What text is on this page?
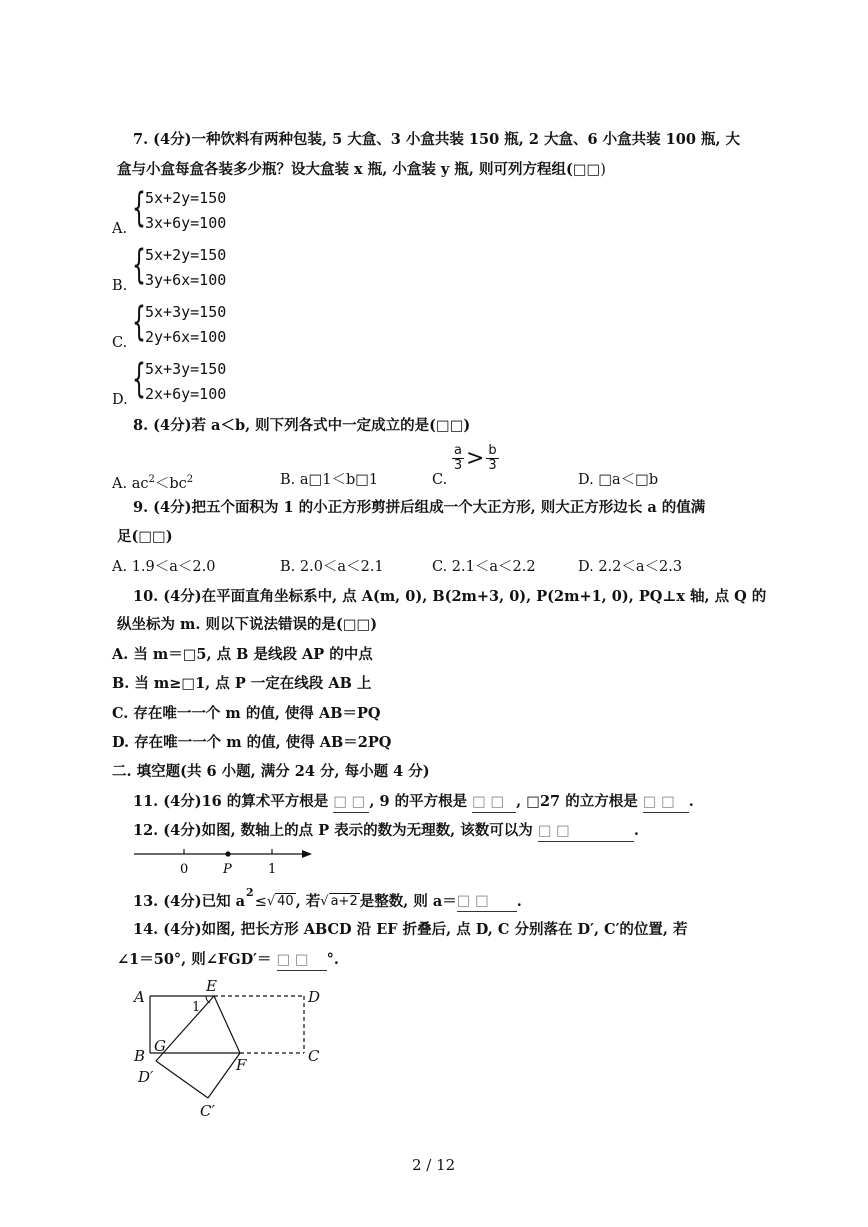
7. (4分)一种饮料有两种包装, 5 大盒、3 小盒共装 150 瓶, 2 大盒、6 小盒共装 100 瓶, 大
盒与小盒每盒各装多少瓶？设大盒装 x 瓶, 小盒装 y 瓶, 则可列方程组(□□)
A. { 5x+2y=150
3x+6y=100
B. { 5x+2y=150
3y+6x=100
C. { 5x+3y=150
2y+6x=100
D. { 5x+3y=150
2x+6y=100
8. (4分)若 a＜b, 则下列各式中一定成立的是(□□)
A. $ac^2<bc^2$	B. a□1＜b□1	C.
$\frac{a}{3} > \frac{b}{3}$
D. □a＜□b
9. (4分)把五个面积为 1 的小正方形剪拼后组成一个大正方形, 则大正方形边长 a 的值满
足(□□)
A. 1.9＜a＜2.0	B. 2.0＜a＜2.1	C. 2.1＜a＜2.2	D. 2.2＜a＜2.3
10. (4分)在平面直角坐标系中, 点 A(m, 0), B(2m+3, 0), P(2m+1, 0), PQ⊥x 轴, 点 Q 的
纵坐标为 m. 则以下说法错误的是(□□)
A. 当 m＝□5, 点 B 是线段 AP 的中点
B. 当 m≥□1, 点 P 一定在线段 AB 上
C. 存在唯一一个 m 的值, 使得 AB＝PQ
D. 存在唯一一个 m 的值, 使得 AB＝2PQ
二. 填空题(共 6 小题, 满分 24 分, 每小题 4 分)
11. (4分)16 的算术平方根是 □ □ , 9 的平方根是 □ □ , □27 的立方根是 □ □ .
12. (4分)如图, 数轴上的点 P 表示的数为无理数, 该数可以为 □ □	.
0	P	1
13. (4分)已知 a
2
≤ √ 40 , 若 √ a+2 是整数, 则 a＝ □ □	.
14. (4分)如图, 把长方形 ABCD 沿 EF 折叠后, 点 D, C 分别落在 D′, C′的位置, 若
∠1＝50°, 则∠FGD′＝ □ □ °.
A	D
E
B
G
F	C
D′
C′
1
2 / 12
